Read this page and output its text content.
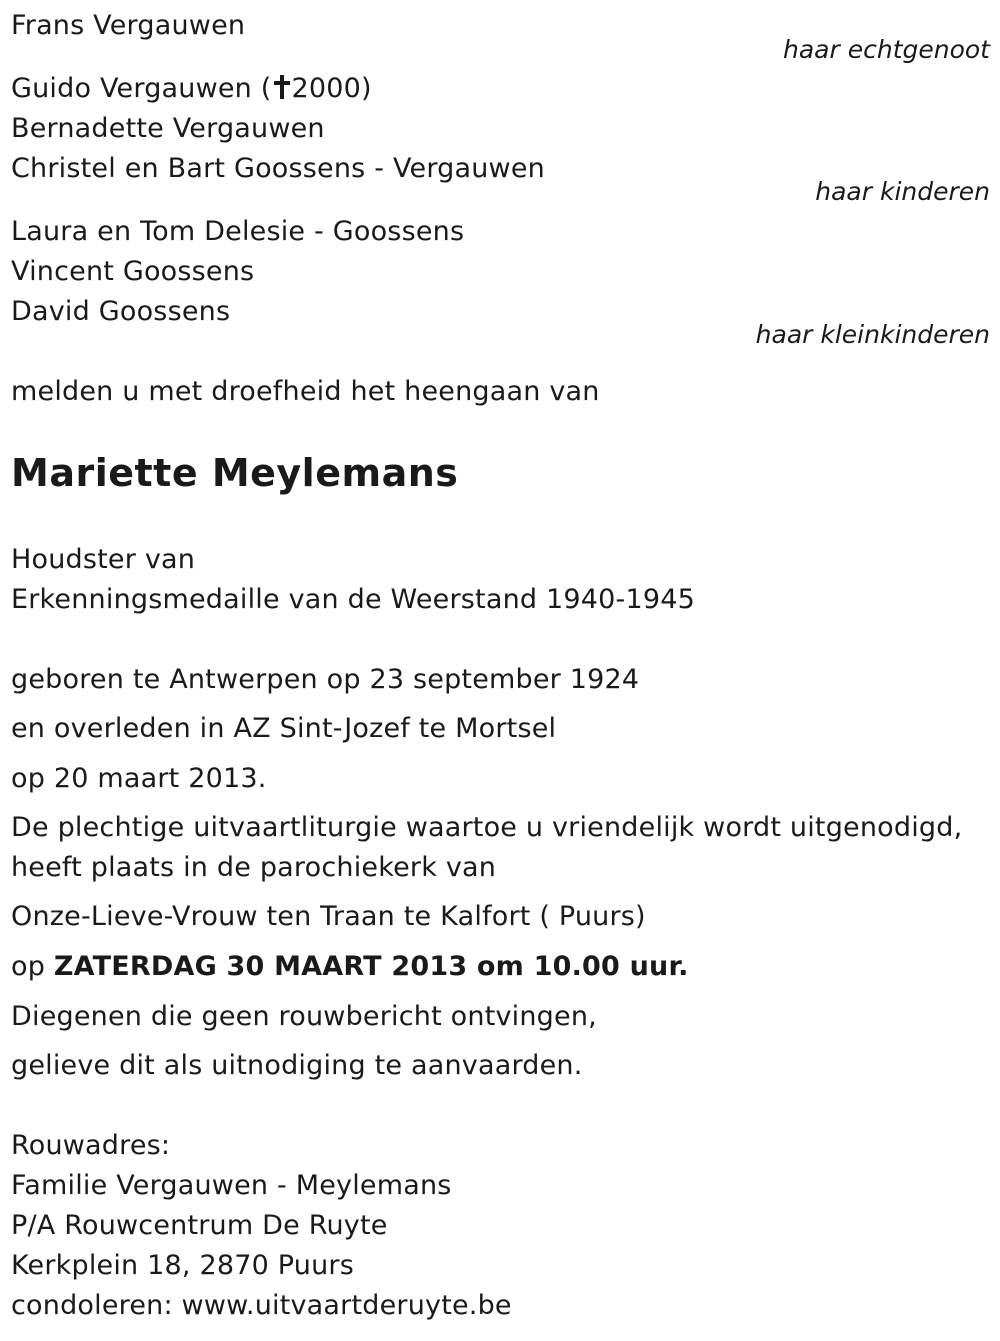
Frans Vergauwen
haar echtgenoot
Guido Vergauwen ( 2000)
Bernadette Vergauwen
Christel en Bart Goossens - Vergauwen
haar kinderen
Laura en Tom Delesie - Goossens
Vincent Goossens
David Goossens
haar kleinkinderen
melden u met droefheid het heengaan van
Mariette Meylemans
Houdster van
Erkenningsmedaille van de Weerstand 1940-1945
geboren te Antwerpen op 23 september 1924
en overleden in AZ Sint-Jozef te Mortsel
op 20 maart 2013.
De plechtige uitvaartliturgie waartoe u vriendelijk wordt uitgenodigd,
heeft plaats in de parochiekerk van
Onze-Lieve-Vrouw ten Traan te Kalfort ( Puurs)
op ZATERDAG 30 MAART 2013 om 10.00 uur.
Diegenen die geen rouwbericht ontvingen,
gelieve dit als uitnodiging te aanvaarden.
Rouwadres:
Familie Vergauwen - Meylemans
P/A Rouwcentrum De Ruyte
Kerkplein 18, 2870 Puurs
condoleren: www.uitvaartderuyte.be
